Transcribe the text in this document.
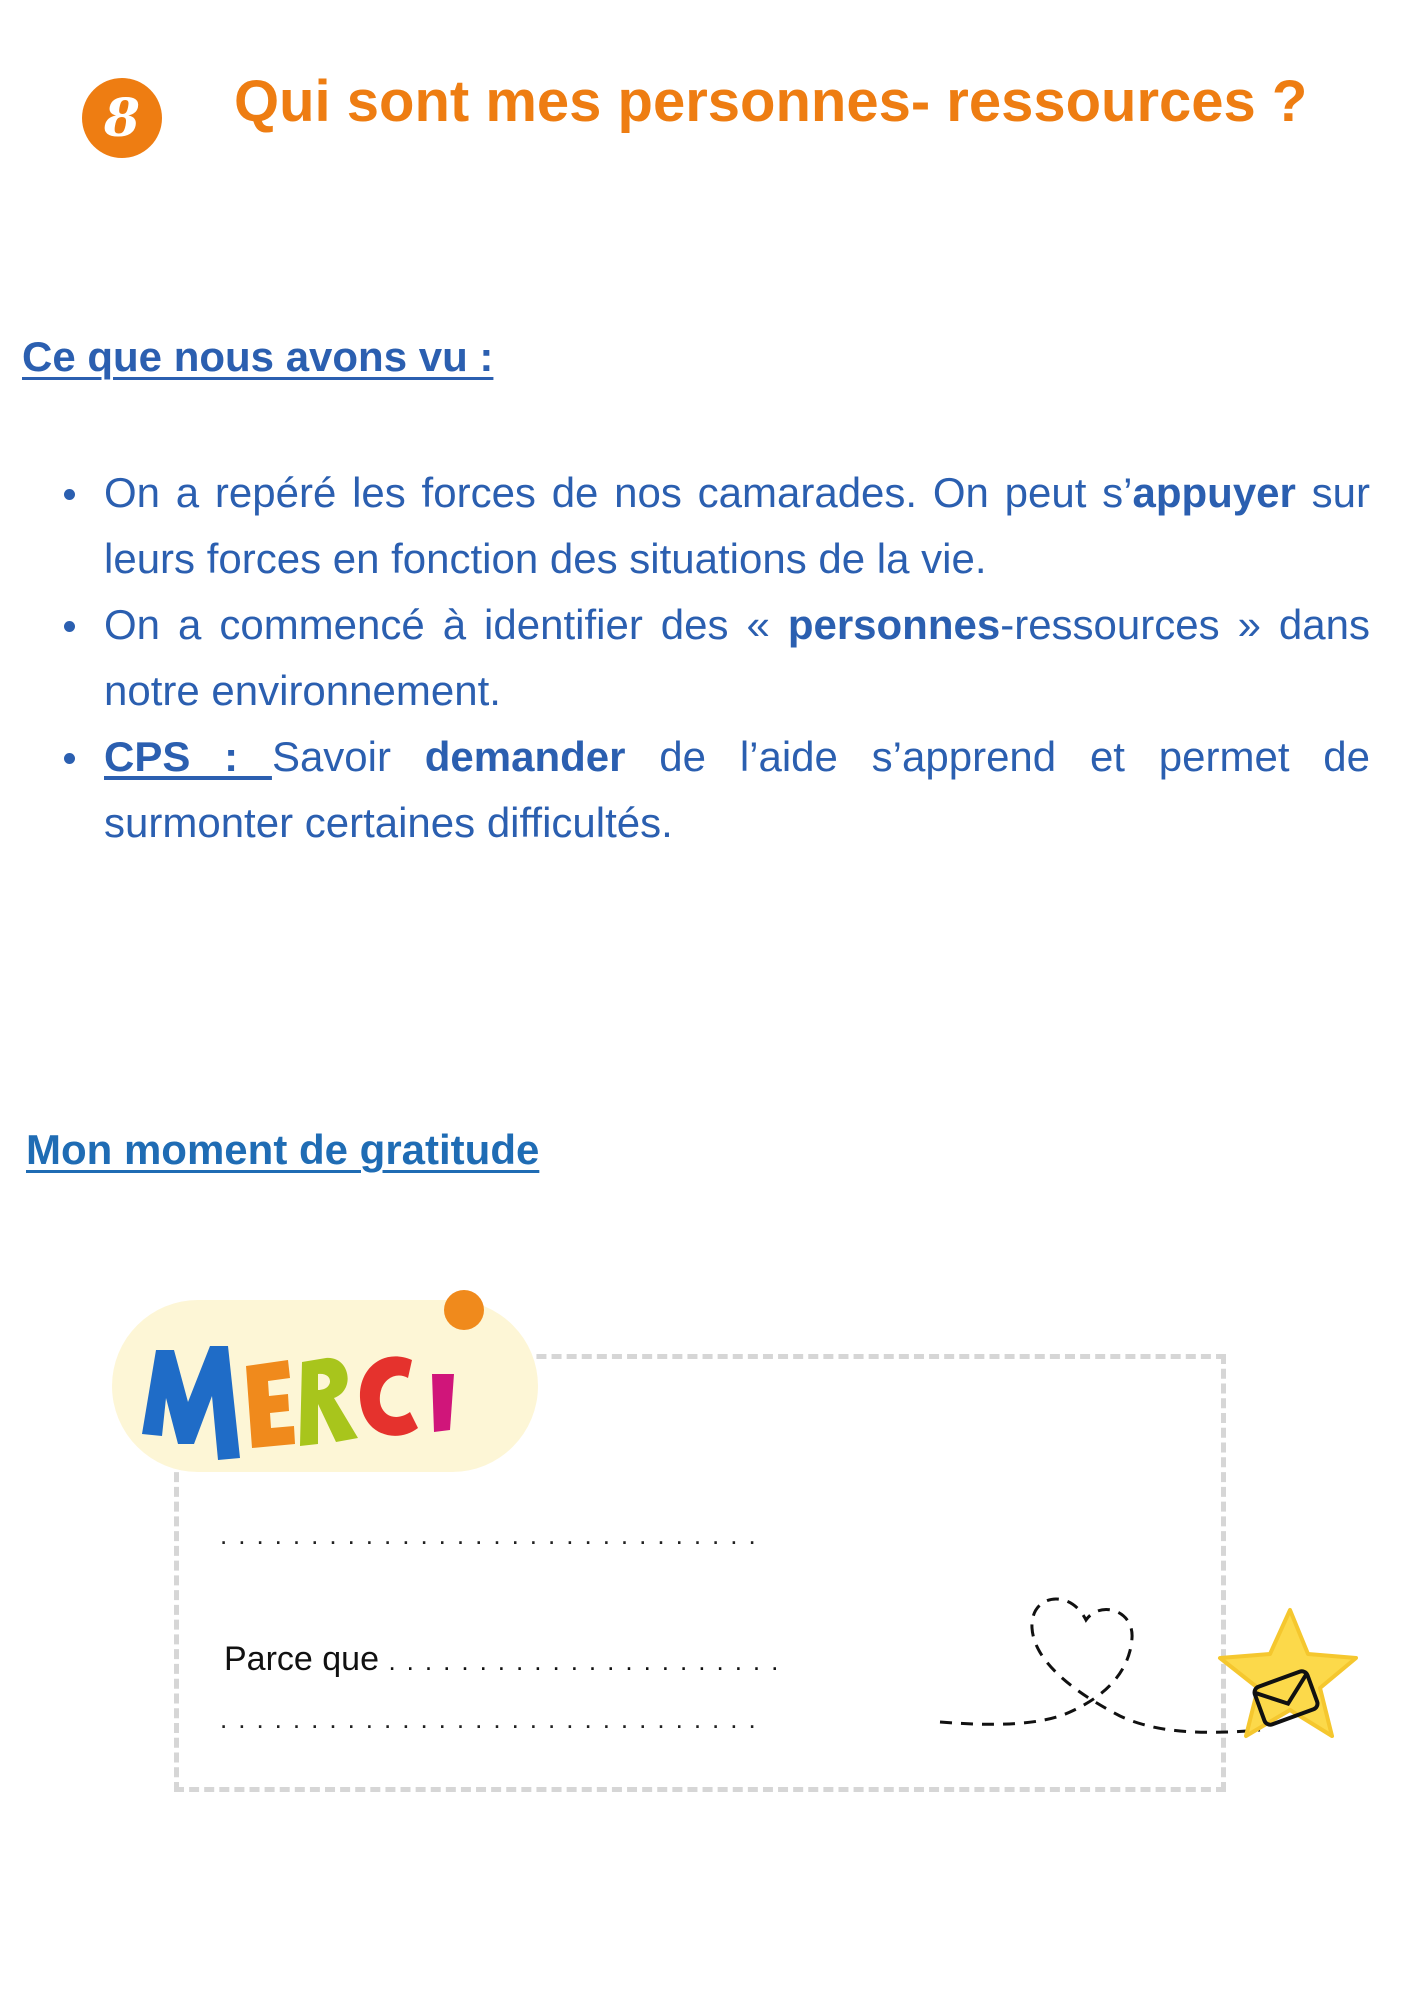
8 Qui sont mes personnes- ressources ?
Ce que nous avons vu :
On a repéré les forces de nos camarades. On peut s’appuyer sur leurs forces en fonction des situations de la vie.
On a commencé à identifier des « personnes-ressources » dans notre environnement.
CPS : Savoir demander de l’aide s’apprend et permet de surmonter certaines difficultés.
Mon moment de gratitude
MERCI
..............................
Parce que ......................
..............................
